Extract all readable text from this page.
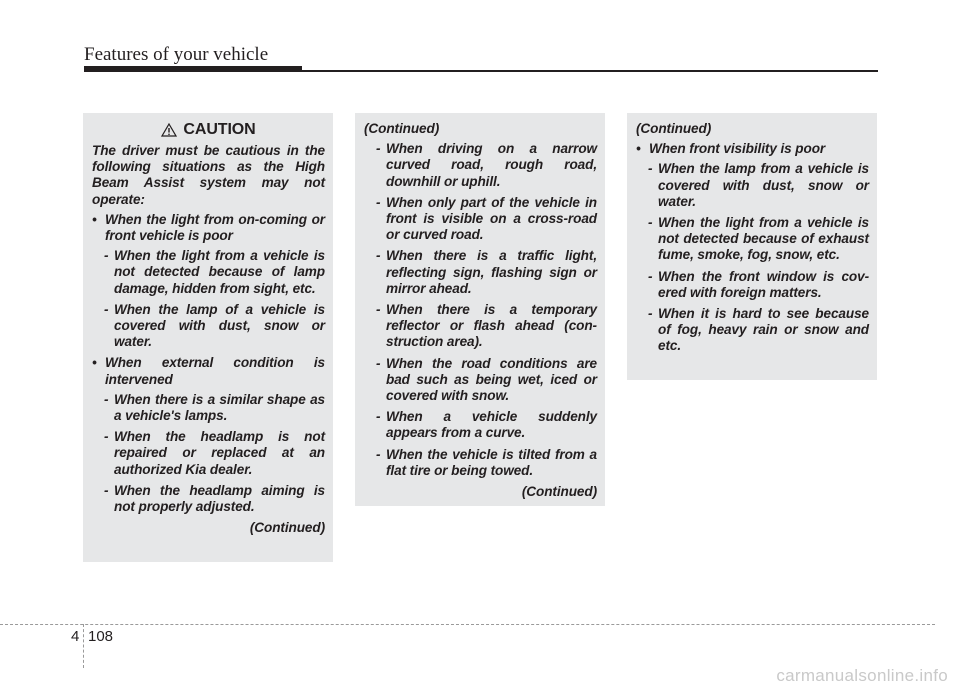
Features of your vehicle
CAUTION
The driver must be cautious in the following situations as the High Beam Assist system may not operate:
• When the light from on-coming or front vehicle is poor
- When the light from a vehicle is not detected because of lamp damage, hidden from sight, etc.
- When the lamp of a vehicle is covered with dust, snow or water.
• When external condition is intervened
- When there is a similar shape as a vehicle's lamps.
- When the headlamp is not repaired or replaced at an authorized Kia dealer.
- When the headlamp aiming is not properly adjusted.
(Continued)
(Continued)
- When driving on a narrow curved road, rough road, downhill or uphill.
- When only part of the vehicle in front is visible on a cross-road or curved road.
- When there is a traffic light, reflecting sign, flashing sign or mirror ahead.
- When there is a temporary reflector or flash ahead (con-struction area).
- When the road conditions are bad such as being wet, iced or covered with snow.
- When a vehicle suddenly appears from a curve.
- When the vehicle is tilted from a flat tire or being towed.
(Continued)
(Continued)
• When front visibility is poor
- When the lamp from a vehicle is covered with dust, snow or water.
- When the light from a vehicle is not detected because of exhaust fume, smoke, fog, snow, etc.
- When the front window is cov-ered with foreign matters.
- When it is hard to see because of fog, heavy rain or snow and etc.
4 108
carmanualsonline.info
